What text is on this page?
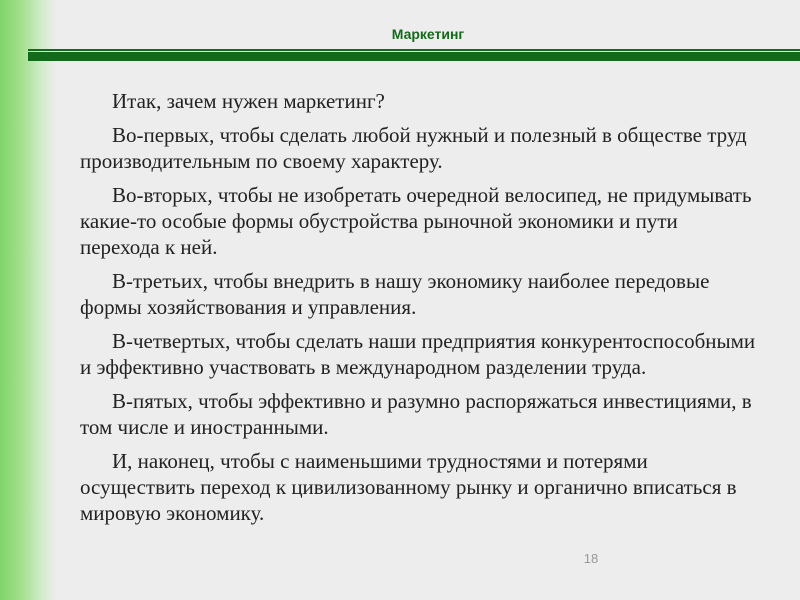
Маркетинг

Итак, зачем нужен маркетинг?

Во-первых, чтобы сделать любой нужный и полезный в обществе труд производительным по своему характеру.

Во-вторых, чтобы не изобретать очередной велосипед, не придумывать какие-то особые формы обустройства рыночной экономики и пути перехода к ней.

В-третьих, чтобы внедрить в нашу экономику наиболее передовые формы хозяйствования и управления.

В-четвертых, чтобы сделать наши предприятия конкурентоспособными и эффективно участвовать в международном разделении труда.

В-пятых, чтобы эффективно и разумно распоряжаться инвестициями, в том числе и иностранными.

И, наконец, чтобы с наименьшими трудностями и потерями осуществить переход к цивилизованному рынку и органично вписаться в мировую экономику.

18
